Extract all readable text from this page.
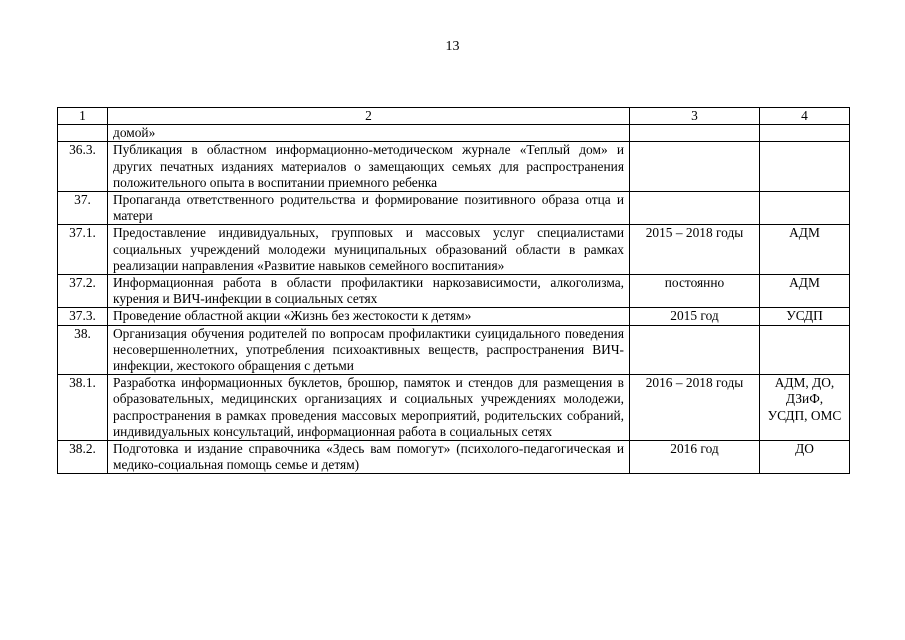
13
1	2	3	4
	домой»		
36.3.	Публикация в областном информационно-методическом журнале «Теплый дом» и других печатных изданиях материалов о замещающих семьях для распространения положительного опыта в воспитании приемного ребенка		
37.	Пропаганда ответственного родительства и формирование позитивного образа отца и матери		
37.1.	Предоставление индивидуальных, групповых и массовых услуг специалистами социальных учреждений молодежи муниципальных образований области в рамках реализации направления «Развитие навыков семейного воспитания»	2015 – 2018 годы	АДМ
37.2.	Информационная работа в области профилактики наркозависимости, алкоголизма, курения и ВИЧ-инфекции в социальных сетях	постоянно	АДМ
37.3.	Проведение областной акции «Жизнь без жестокости к детям»	2015 год	УСДП
38.	Организация обучения родителей по вопросам профилактики суицидального поведения несовершеннолетних, употребления психоактивных веществ, распространения ВИЧ-инфекции, жестокого обращения с детьми		
38.1.	Разработка информационных буклетов, брошюр, памяток и стендов для размещения в образовательных, медицинских организациях и социальных учреждениях молодежи, распространения в рамках проведения массовых мероприятий, родительских собраний, индивидуальных консультаций, информационная работа в социальных сетях	2016 – 2018 годы	АДМ, ДО, ДЗиФ, УСДП, ОМС
38.2.	Подготовка и издание справочника «Здесь вам помогут» (психолого-педагогическая и медико-социальная помощь семье и детям)	2016 год	ДО
